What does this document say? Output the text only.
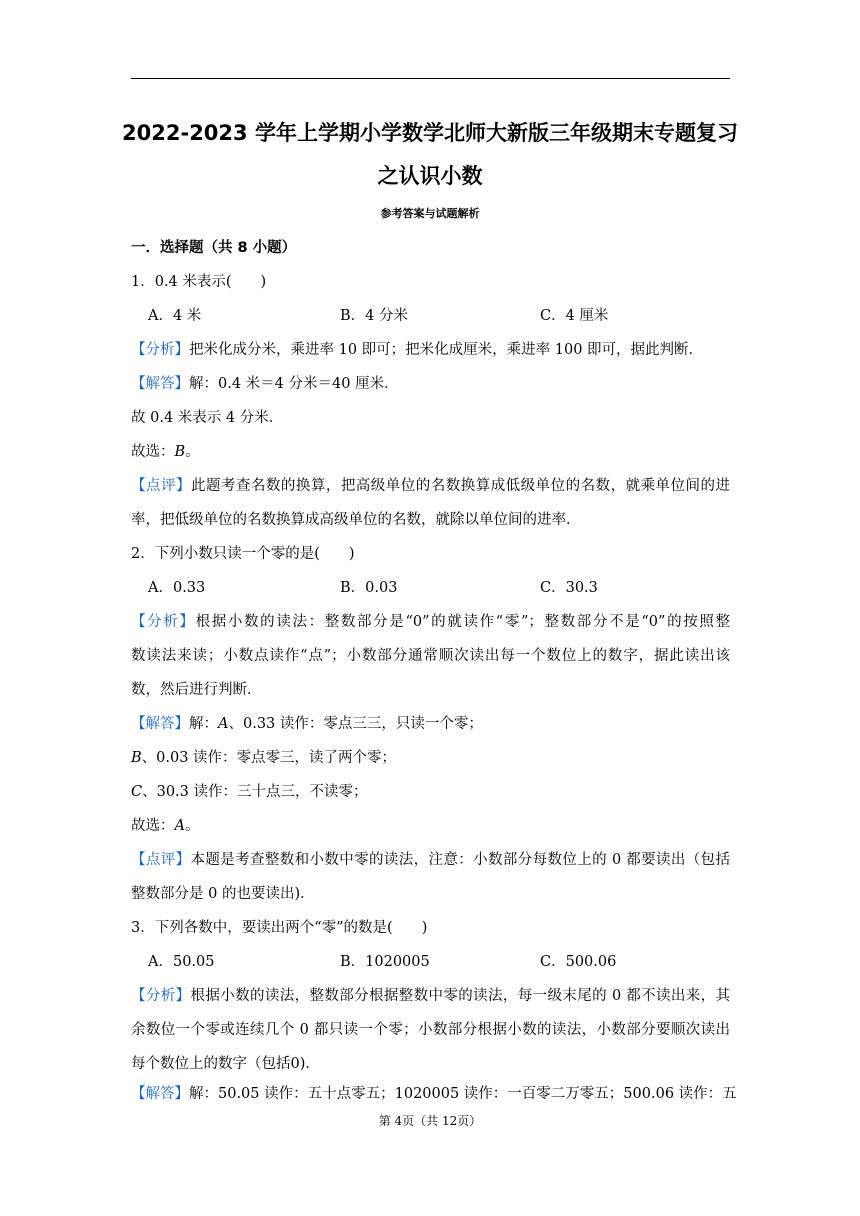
2022-2023 学年上学期小学数学北师大新版三年级期末专题复习
之认识小数
参考答案与试题解析
一．选择题（共 8 小题）
1．0.4 米表示(　　)
A．4 米	B．4 分米	C．4 厘米
【分析】把米化成分米，乘进率 10 即可；把米化成厘米，乘进率 100 即可，据此判断．
【解答】解：0.4 米＝4 分米＝40 厘米．
故 0.4 米表示 4 分米．
故选：B。
【点评】此题考查名数的换算，把高级单位的名数换算成低级单位的名数，就乘单位间的进
率，把低级单位的名数换算成高级单位的名数，就除以单位间的进率．
2．下列小数只读一个零的是(　　)
A．0.33	B．0.03	C．30.3
【分析】根据小数的读法：整数部分是“0”的就读作“零”；整数部分不是“0”的按照整
数读法来读；小数点读作“点”；小数部分通常顺次读出每一个数位上的数字，据此读出该
数，然后进行判断．
【解答】解：A、0.33 读作：零点三三，只读一个零；
B、0.03 读作：零点零三，读了两个零；
C、30.3 读作：三十点三，不读零；
故选：A。
【点评】本题是考查整数和小数中零的读法，注意：小数部分每数位上的 0 都要读出（包括
整数部分是 0 的也要读出)．
3．下列各数中，要读出两个“零”的数是(　　)
A．50.05	B．1020005	C．500.06
【分析】根据小数的读法，整数部分根据整数中零的读法，每一级末尾的 0 都不读出来，其
余数位一个零或连续几个 0 都只读一个零；小数部分根据小数的读法，小数部分要顺次读出
每个数位上的数字（包括0)．
【解答】解：50.05 读作：五十点零五；1020005 读作：一百零二万零五；500.06 读作：五
第 4页（共 12页）
